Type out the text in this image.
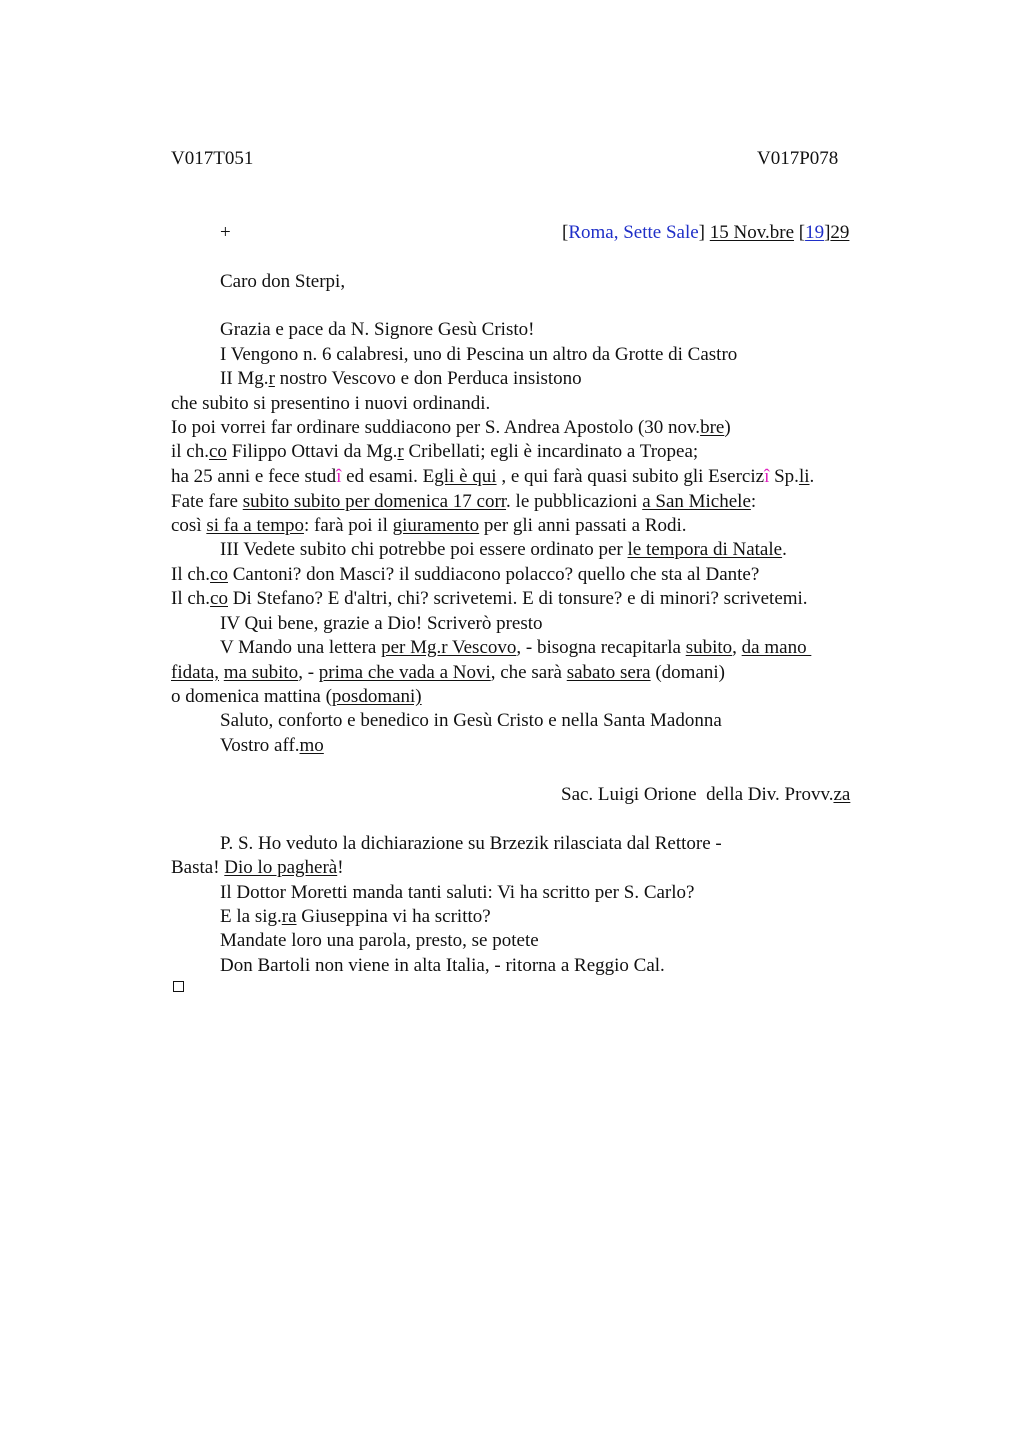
V017T051	V017P078
+	[Roma, Sette Sale] 15 Nov.bre [19]29
Caro don Sterpi,
Grazia e pace da N. Signore Gesù Cristo!
I Vengono n. 6 calabresi, uno di Pescina un altro da Grotte di Castro
II Mg.r nostro Vescovo e don Perduca insistono
che subito si presentino i nuovi ordinandi.
Io poi vorrei far ordinare suddiacono per S. Andrea Apostolo (30 nov.bre)
il ch.co Filippo Ottavi da Mg.r Cribellati; egli è incardinato a Tropea;
ha 25 anni e fece studî ed esami. Egli è qui , e qui farà quasi subito gli Esercizî Sp.li.
Fate fare subito subito per domenica 17 corr. le pubblicazioni a San Michele:
così si fa a tempo: farà poi il giuramento per gli anni passati a Rodi.
III Vedete subito chi potrebbe poi essere ordinato per le tempora di Natale.
Il ch.co Cantoni? don Masci? il suddiacono polacco? quello che sta al Dante?
Il ch.co Di Stefano? E d'altri, chi? scrivetemi. E di tonsure? e di minori? scrivetemi.
IV Qui bene, grazie a Dio! Scriverò presto
V Mando una lettera per Mg.r Vescovo, - bisogna recapitarla subito, da mano
fidata, ma subito, - prima che vada a Novi, che sarà sabato sera (domani)
o domenica mattina (posdomani)
Saluto, conforto e benedico in Gesù Cristo e nella Santa Madonna
Vostro aff.mo
Sac. Luigi Orione  della Div. Provv.za
P. S. Ho veduto la dichiarazione su Brzezik rilasciata dal Rettore -
Basta! Dio lo pagherà!
Il Dottor Moretti manda tanti saluti: Vi ha scritto per S. Carlo?
E la sig.ra Giuseppina vi ha scritto?
Mandate loro una parola, presto, se potete
Don Bartoli non viene in alta Italia, - ritorna a Reggio Cal.
